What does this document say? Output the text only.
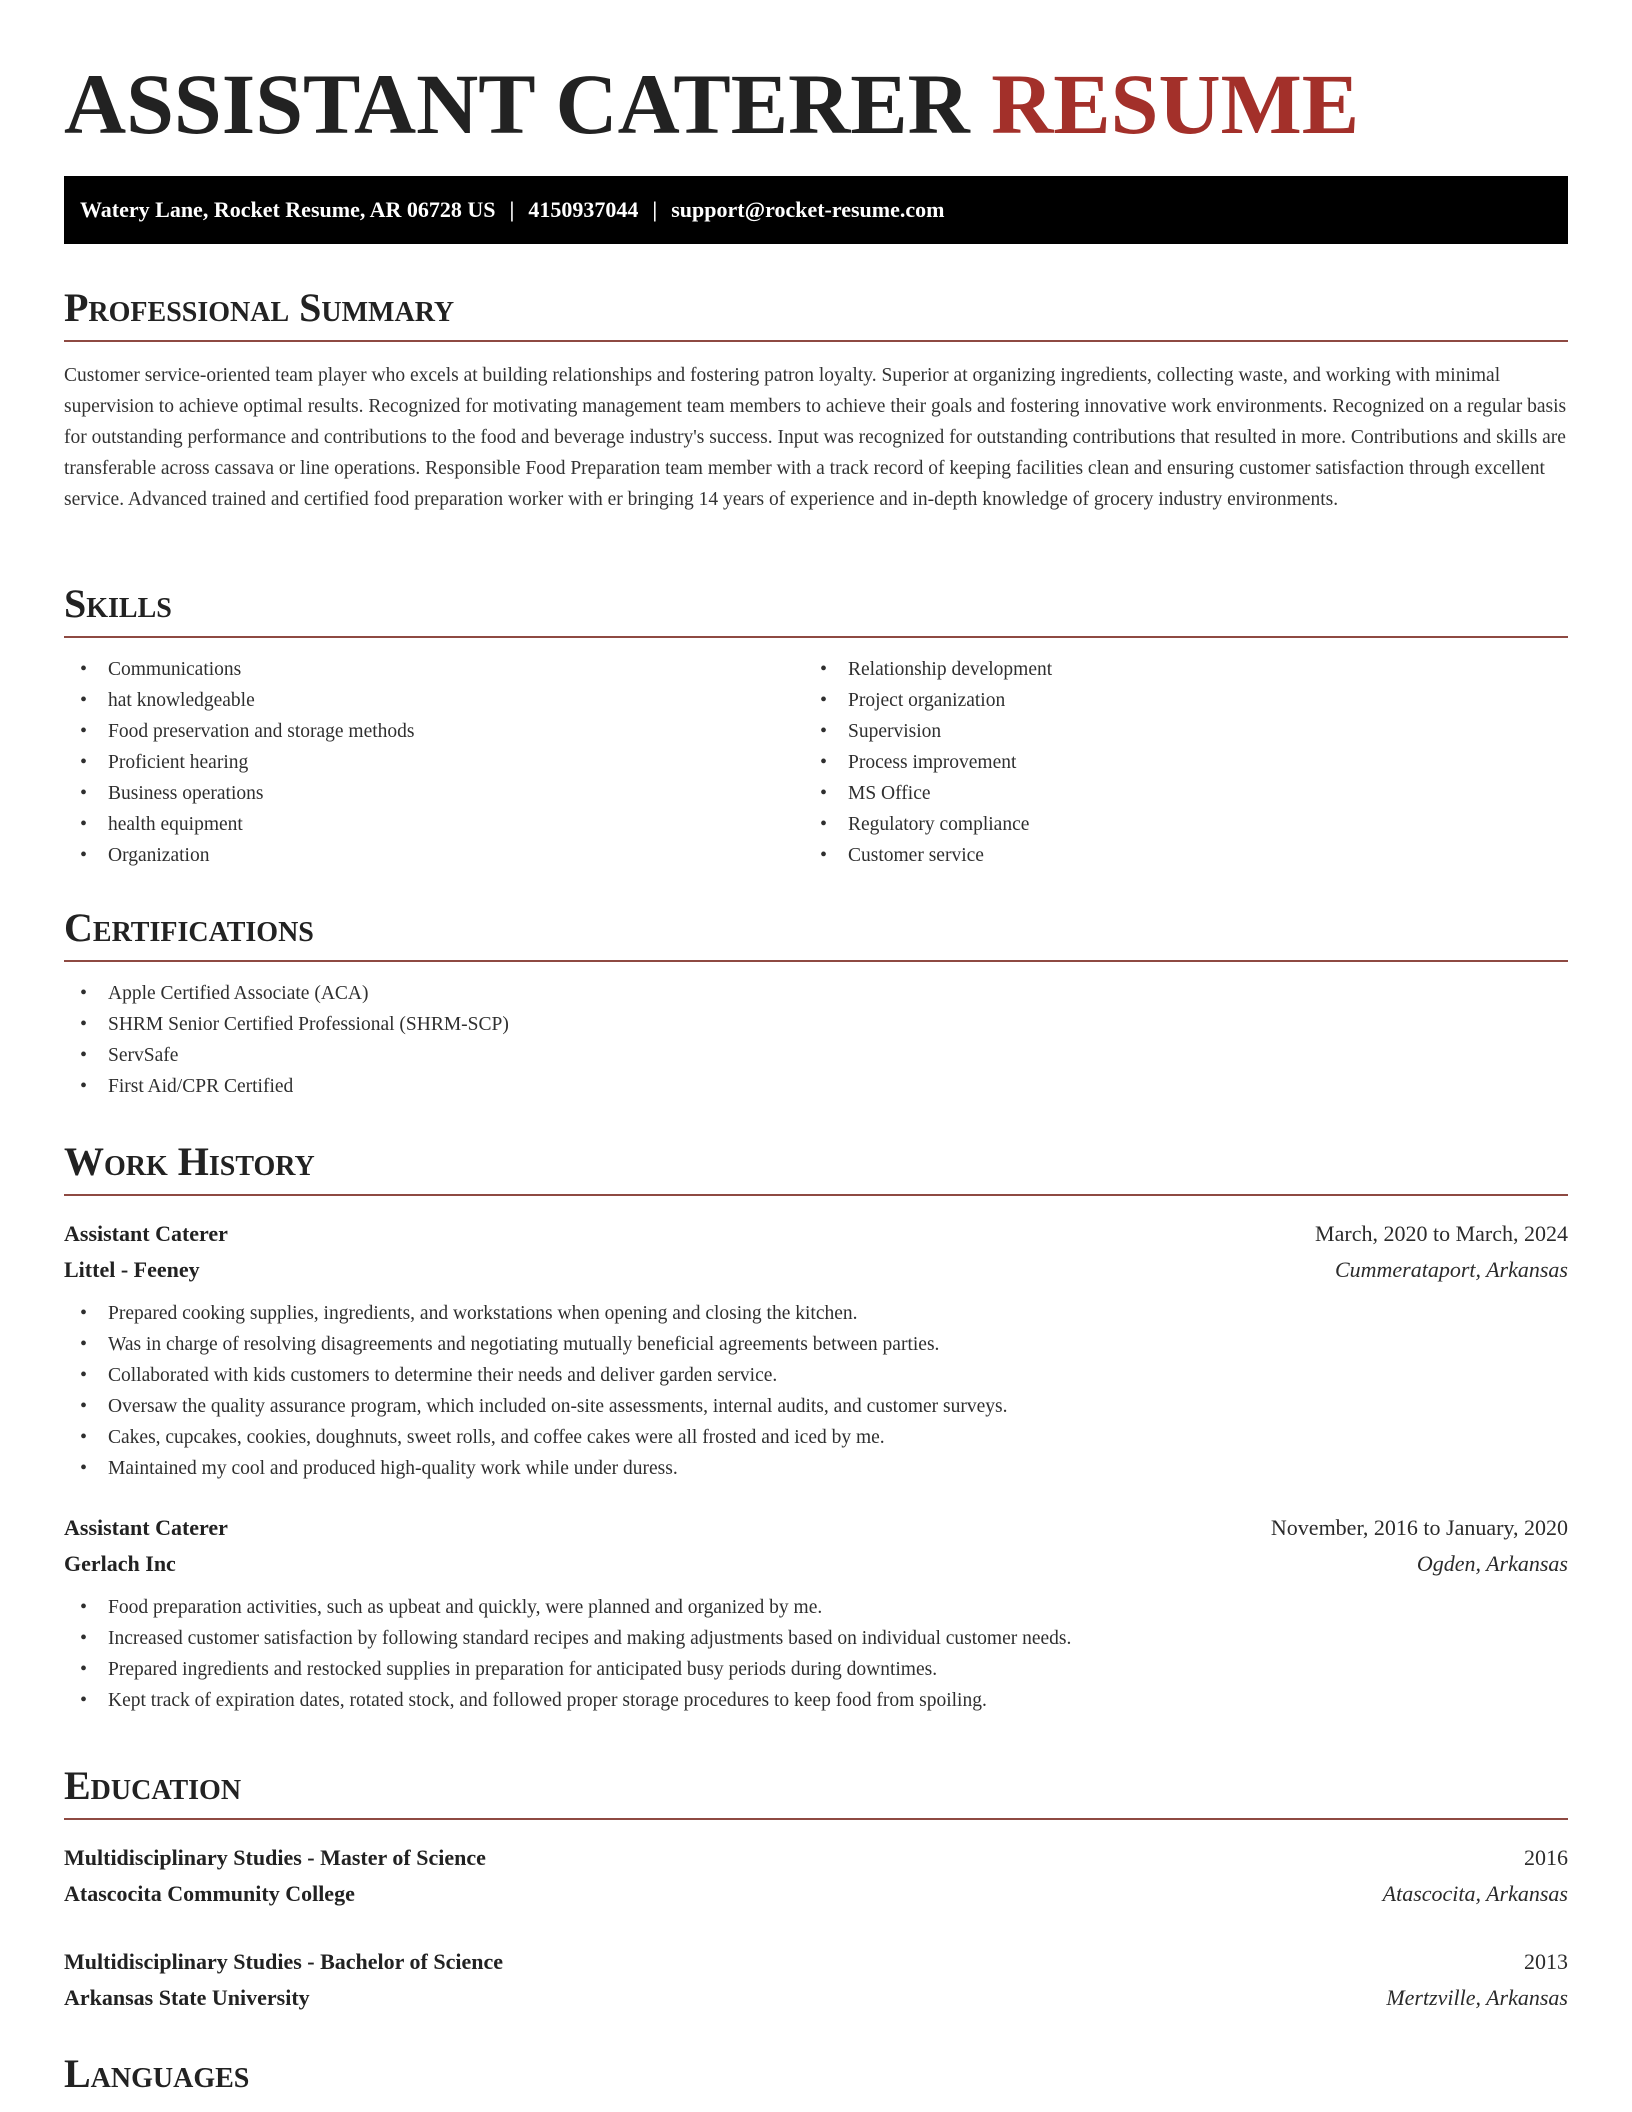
ASSISTANT CATERER RESUME
Watery Lane, Rocket Resume, AR 06728 US | 4150937044 | support@rocket-resume.com
Professional Summary

Customer service-oriented team player who excels at building relationships and fostering patron loyalty. Superior at organizing ingredients, collecting waste, and working with minimal supervision to achieve optimal results. Recognized for motivating management team members to achieve their goals and fostering innovative work environments. Recognized on a regular basis for outstanding performance and contributions to the food and beverage industry's success. Input was recognized for outstanding contributions that resulted in more. Contributions and skills are transferable across cassava or line operations. Responsible Food Preparation team member with a track record of keeping facilities clean and ensuring customer satisfaction through excellent service. Advanced trained and certified food preparation worker with er bringing 14 years of experience and in-depth knowledge of grocery industry environments.

Skills
• Communications
• hat knowledgeable
• Food preservation and storage methods
• Proficient hearing
• Business operations
• health equipment
• Organization
• Relationship development
• Project organization
• Supervision
• Process improvement
• MS Office
• Regulatory compliance
• Customer service
Certifications
• Apple Certified Associate (ACA)
• SHRM Senior Certified Professional (SHRM-SCP)
• ServSafe
• First Aid/CPR Certified
Work History
Assistant Caterer	March, 2020 to March, 2024
Littel - Feeney	Cummerataport, Arkansas
• Prepared cooking supplies, ingredients, and workstations when opening and closing the kitchen.
• Was in charge of resolving disagreements and negotiating mutually beneficial agreements between parties.
• Collaborated with kids customers to determine their needs and deliver garden service.
• Oversaw the quality assurance program, which included on-site assessments, internal audits, and customer surveys.
• Cakes, cupcakes, cookies, doughnuts, sweet rolls, and coffee cakes were all frosted and iced by me.
• Maintained my cool and produced high-quality work while under duress.
Assistant Caterer	November, 2016 to January, 2020
Gerlach Inc	Ogden, Arkansas
• Food preparation activities, such as upbeat and quickly, were planned and organized by me.
• Increased customer satisfaction by following standard recipes and making adjustments based on individual customer needs.
• Prepared ingredients and restocked supplies in preparation for anticipated busy periods during downtimes.
• Kept track of expiration dates, rotated stock, and followed proper storage procedures to keep food from spoiling.
Education
Multidisciplinary Studies - Master of Science	2016
Atascocita Community College	Atascocita, Arkansas
Multidisciplinary Studies - Bachelor of Science	2013
Arkansas State University	Mertzville, Arkansas
Languages
